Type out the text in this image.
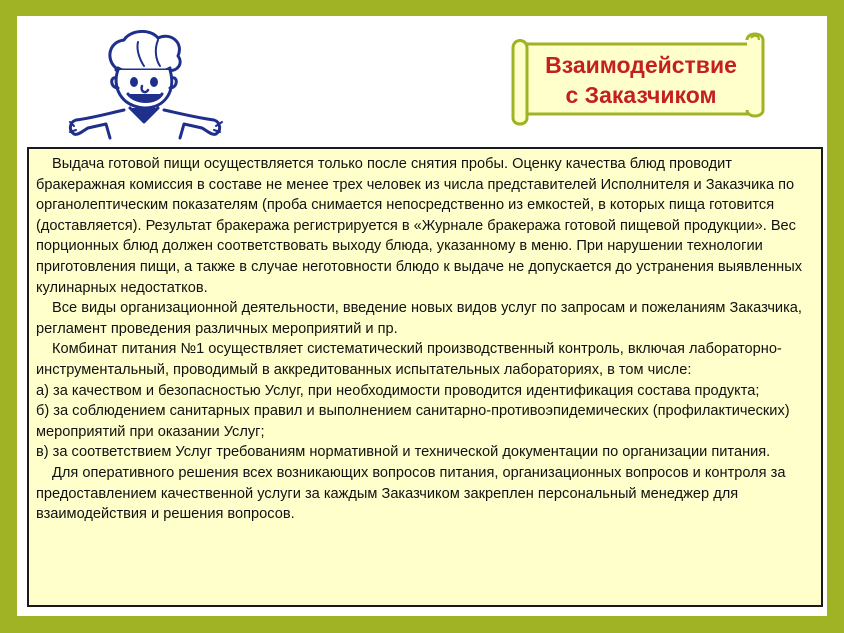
Взаимодействие
с Заказчиком

Выдача готовой пищи осуществляется только после снятия пробы. Оценку качества блюд проводит бракеражная комиссия в составе не менее трех человек из числа представителей Исполнителя и Заказчика по органолептическим показателям (проба снимается непосредственно из емкостей, в которых пища готовится (доставляется). Результат бракеража регистрируется в «Журнале бракеража готовой пищевой продукции». Вес порционных блюд должен соответствовать выходу блюда, указанному в меню. При нарушении технологии приготовления пищи, а также в случае неготовности блюдо к выдаче не допускается до устранения выявленных кулинарных недостатков.

Все виды организационной деятельности, введение новых видов услуг по запросам и пожеланиям Заказчика, регламент проведения различных мероприятий и пр.

Комбинат питания №1 осуществляет систематический производственный контроль, включая лабораторно-инструментальный, проводимый в аккредитованных испытательных лабораториях, в том числе:

а) за качеством и безопасностью Услуг, при необходимости проводится идентификация состава продукта;

б) за соблюдением санитарных правил и выполнением санитарно-противоэпидемических (профилактических) мероприятий при оказании Услуг;

в) за соответствием Услуг требованиям нормативной и технической документации по организации питания.

Для оперативного решения всех возникающих вопросов питания, организационных вопросов и контроля за предоставлением качественной услуги за каждым Заказчиком закреплен персональный менеджер для взаимодействия и решения вопросов.
